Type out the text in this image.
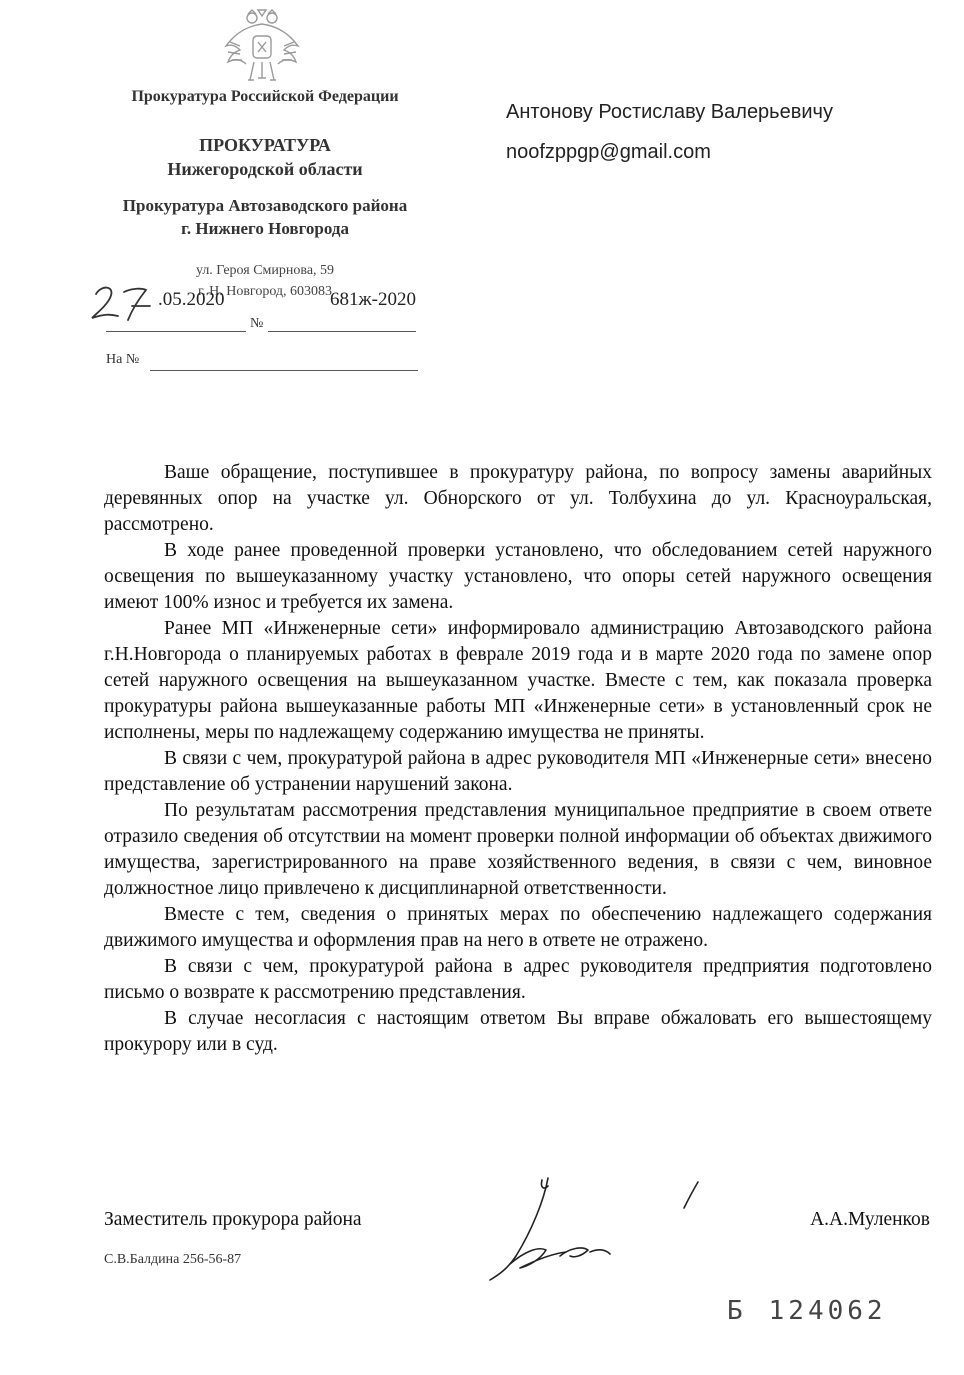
Прокуратура Российской Федерации
ПРОКУРАТУРА
Нижегородской области
Прокуратура Автозаводского района
г. Нижнего Новгорода
ул. Героя Смирнова, 59
г. Н. Новгород, 603083
27
.05.2020	681ж-2020
№
На №
Антонову Ростиславу Валерьевичу
noofzppgp@gmail.com

Ваше обращение, поступившее в прокуратуру района, по вопросу замены аварийных деревянных опор на участке ул. Обнорского от ул. Толбухина до ул. Красноуральская, рассмотрено.

В ходе ранее проведенной проверки установлено, что обследованием сетей наружного освещения по вышеуказанному участку установлено, что опоры сетей наружного освещения имеют 100% износ и требуется их замена.

Ранее МП «Инженерные сети» информировало администрацию Автозаводского района г.Н.Новгорода о планируемых работах в феврале 2019 года и в марте 2020 года по замене опор сетей наружного освещения на вышеуказанном участке. Вместе с тем, как показала проверка прокуратуры района вышеуказанные работы МП «Инженерные сети» в установленный срок не исполнены, меры по надлежащему содержанию имущества не приняты.

В связи с чем, прокуратурой района в адрес руководителя МП «Инженерные сети» внесено представление об устранении нарушений закона.

По результатам рассмотрения представления муниципальное предприятие в своем ответе отразило сведения об отсутствии на момент проверки полной информации об объектах движимого имущества, зарегистрированного на праве хозяйственного ведения, в связи с чем, виновное должностное лицо привлечено к дисциплинарной ответственности.

Вместе с тем, сведения о принятых мерах по обеспечению надлежащего содержания движимого имущества и оформления прав на него в ответе не отражено.

В связи с чем, прокуратурой района в адрес руководителя предприятия подготовлено письмо о возврате к рассмотрению представления.

В случае несогласия с настоящим ответом Вы вправе обжаловать его вышестоящему прокурору или в суд.

Заместитель прокурора района	А.А.Муленков
С.В.Балдина 256-56-87
Б 124062
